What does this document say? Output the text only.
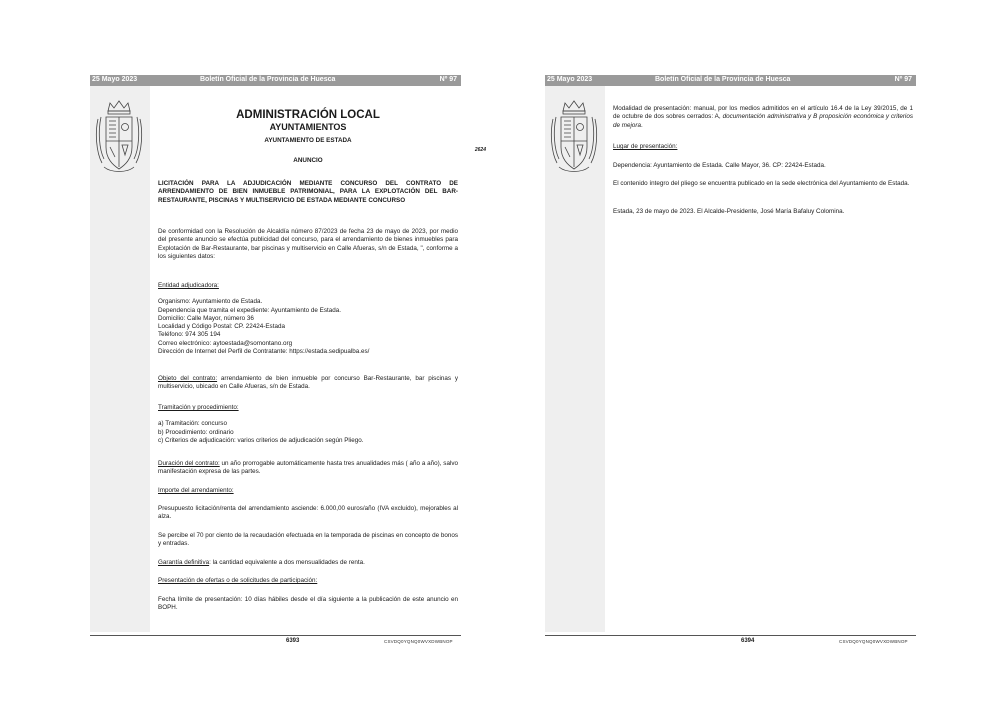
25 Mayo 2023	Boletín Oficial de la Provincia de Huesca	Nº 97
ADMINISTRACIÓN LOCAL
AYUNTAMIENTOS
AYUNTAMIENTO DE ESTADA
2624
ANUNCIO

LICITACIÓN PARA LA ADJUDICACIÓN MEDIANTE CONCURSO DEL CONTRATO DE ARRENDAMIENTO DE BIEN INMUEBLE PATRIMONIAL, PARA LA EXPLOTACIÓN DEL BAR-RESTAURANTE, PISCINAS Y MULTISERVICIO DE ESTADA MEDIANTE CONCURSO

De conformidad con la Resolución de Alcaldía número 87/2023 de fecha 23 de mayo de 2023, por medio del presente anuncio se efectúa publicidad del concurso, para el arrendamiento de bienes inmuebles para Explotación de Bar-Restaurante, bar piscinas y multiservicio en Calle Afueras, s/n de Estada, ", conforme a los siguientes datos:

Entidad adjudicadora:

Organismo: Ayuntamiento de Estada.

Dependencia que tramita el expediente: Ayuntamiento de Estada.

Domicilio: Calle Mayor, número 36

Localidad y Código Postal: CP. 22424-Estada

Teléfono: 974 305 194

Correo electrónico: aytoestada@somontano.org

Dirección de Internet del Perfil de Contratante: https://estada.sedipualba.es/

Objeto del contrato: arrendamiento de bien inmueble por concurso Bar-Restaurante, bar piscinas y multiservicio, ubicado en Calle Afueras, s/n de Estada.

Tramitación y procedimiento:

a) Tramitación: concurso

b) Procedimiento: ordinario

c) Criterios de adjudicación: varios criterios de adjudicación según Pliego.

Duración del contrato: un año prorrogable automáticamente hasta tres anualidades más ( año a año), salvo manifestación expresa de las partes.

Importe del arrendamiento:

Presupuesto licitación/renta del arrendamiento asciende: 6.000,00 euros/año (IVA excluido), mejorables al alza.

Se percibe el 70 por ciento de la recaudación efectuada en la temporada de piscinas en concepto de bonos y entradas.

Garantía definitiva: la cantidad equivalente a dos mensualidades de renta.

Presentación de ofertas o de solicitudes de participación:

Fecha límite de presentación: 10 días hábiles desde el día siguiente a la publicación de este anuncio en BOPH.

6393	CSVDQ0YQNQ0WVXDWBNOP
25 Mayo 2023	Boletín Oficial de la Provincia de Huesca	Nº 97

Modalidad de presentación: manual, por los medios admitidos en el artículo 16.4 de la Ley 39/2015, de 1 de octubre de dos sobres cerrados: A, documentación administrativa y B proposición económica y criterios de mejora.

Lugar de presentación:

Dependencia: Ayuntamiento de Estada. Calle Mayor, 36. CP: 22424-Estada.

El contenido íntegro del pliego se encuentra publicado en la sede electrónica del Ayuntamiento de Estada.

Estada, 23 de mayo de 2023. El Alcalde-Presidente, José María Bafaluy Colomina.

6394	CSVDQ0YQNQ0WVXDWBNOP
